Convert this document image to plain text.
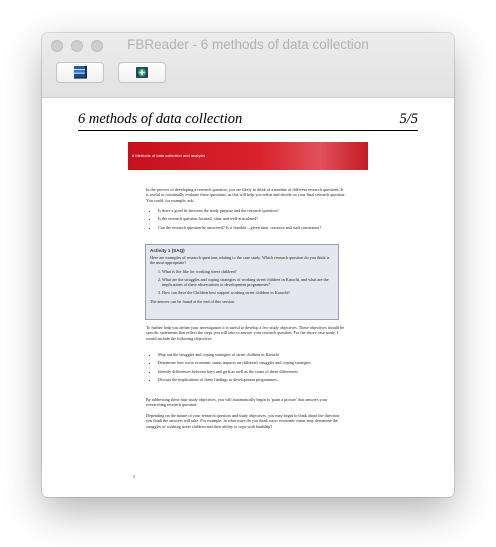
FBReader - 6 methods of data collection
6 methods of data collection	5/5
6 Methods of data collection and analysis

In the process of developing a research question, you are likely to think of a number of different research questions. It is useful to continually evaluate these questions, as this will help you refine and decide on your final research question. You could, for example, ask:

• Is there a good fit between the study purpose and the research question?
• Is the research question focused, clear and well-articulated?
• Can the research question be answered? Is it feasible – given time, resource and staff constraints?
Activity 1 (SAQ)

Here are examples of research questions relating to the case study. Which research question do you think is the most appropriate?

1. What is life like for working street children?
2. What are the struggles and coping strategies of working street children in Karachi, and what are the implications of these observations to development programmes?
3. How can Save the Children best support working street children in Karachi?

The answer can be found at the end of this session.

To further help you define your investigation it is useful to develop a few study objectives. These objectives should be specific statements that reflect the steps you will take to answer your research question. For the above case study, I would include the following objectives:

• Map out the struggles and coping strategies of street children in Karachi
• Determine how socio economic status impacts on children's struggles and coping strategies
• Identify differences between boys and girls as well as the cause of these differences
• Discuss the implications of these findings to development programmes.

By addressing these four study objectives, you will automatically begin to 'paint a picture' that answers your overarching research question.

Depending on the nature of your research question and study objectives, you may begin to think about the direction you think the answers will take. For example, in what ways do you think socio economic status may determine the struggles of working street children and their ability to cope with hardship?

5
